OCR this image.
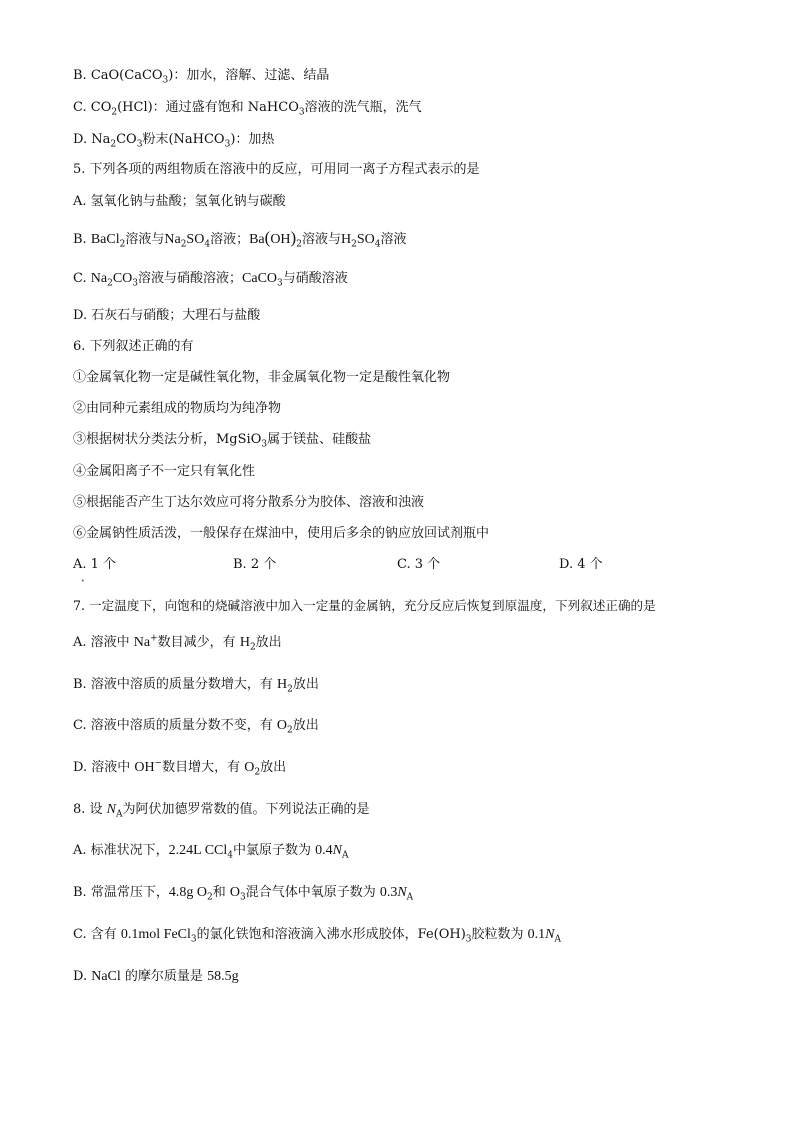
B. CaO(CaCO$_3$)：加水，溶解、过滤、结晶
C. $CO_2(HCl)$：通过盛有饱和 NaHCO$_3$溶液的洗气瓶，洗气
D. $Na_2CO_3$粉末(NaHCO$_3$)：加热
5. 下列各项的两组物质在溶液中的反应，可用同一离子方程式表示的是
A. 氢氧化钠与盐酸；氢氧化钠与碳酸
B. BaCl$_2$溶液与$Na_2SO_4$溶液；$Ba(OH)_2$溶液与$H_2SO_4$溶液
C. $Na_2CO_3$溶液与硝酸溶液；CaCO$_3$与硝酸溶液
D. 石灰石与硝酸；大理石与盐酸
6. 下列叙述正确的有
①金属氧化物一定是碱性氧化物，非金属氧化物一定是酸性氧化物
②由同种元素组成的物质均为纯净物
③根据树状分类法分析，MgSiO$_3$属于镁盐、硅酸盐
④金属阳离子不一定只有氧化性
⑤根据能否产生丁达尔效应可将分散系分为胶体、溶液和浊液
⑥金属钠性质活泼，一般保存在煤油中，使用后多余的钠应放回试剂瓶中
A. 1 个
•
B. 2 个	C. 3 个	D. 4 个
7. 一定温度下，向饱和的烧碱溶液中加入一定量的金属钠，充分反应后恢复到原温度，下列叙述正确的是
A. 溶液中 Na+数目减少，有 $H_2$放出
B. 溶液中溶质的质量分数增大，有 $H_2$放出
C. 溶液中溶质的质量分数不变，有 $O_2$放出
D. 溶液中 OH−数目增大，有 $O_2$放出
8. 设 $N_A$为阿伏加德罗常数的值。下列说法正确的是
A. 标准状况下，2.24L CCl$_4$中氯原子数为 $0.4N_A$
B. 常温常压下，4.8g $O_2$和 $O_3$混合气体中氧原子数为 $0.3N_A$
C. 含有 0.1mol FeCl$_3$的氯化铁饱和溶液滴入沸水形成胶体，$Fe(OH)_3$胶粒数为 $0.1N_A$
D. NaCl 的摩尔质量是 58.5g
